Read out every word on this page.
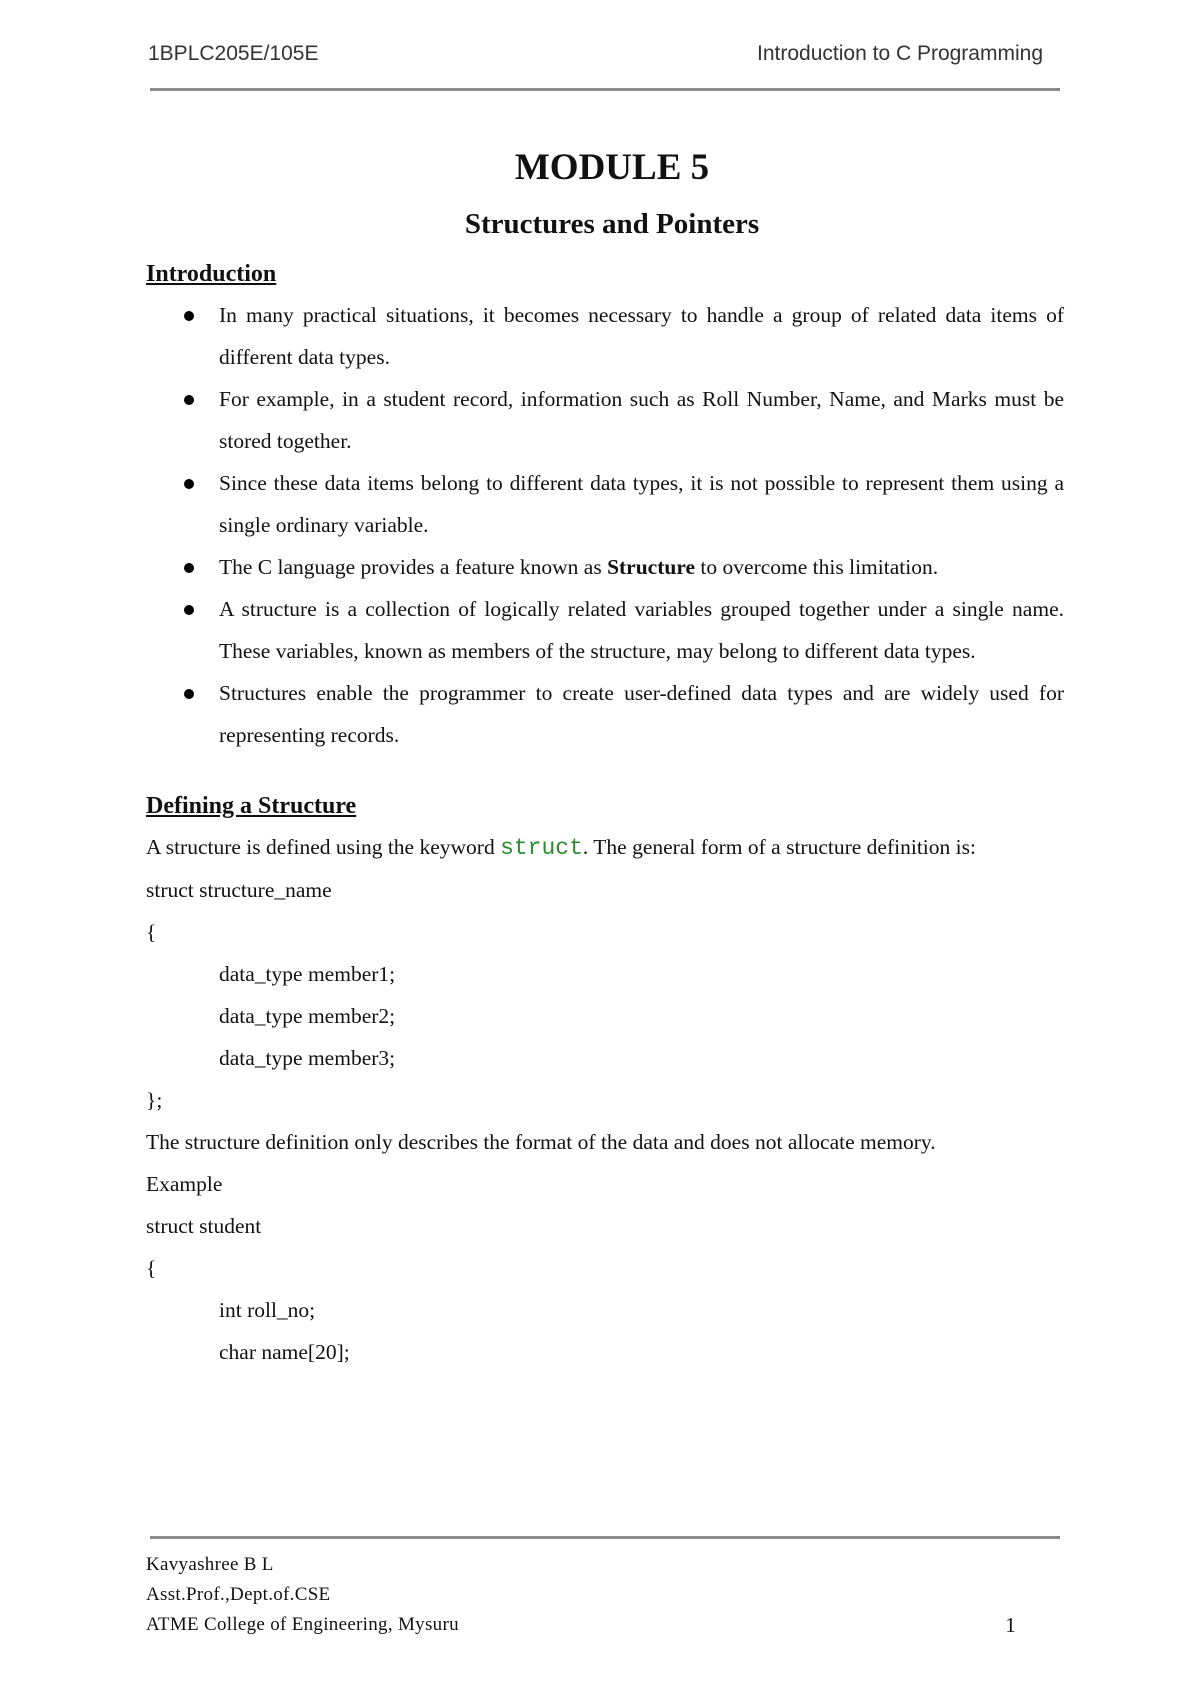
1BPLC205E/105E	Introduction to C Programming
MODULE 5
Structures and Pointers
Introduction
In many practical situations, it becomes necessary to handle a group of related data items of different data types.
For example, in a student record, information such as Roll Number, Name, and Marks must be stored together.
Since these data items belong to different data types, it is not possible to represent them using a single ordinary variable.
The C language provides a feature known as Structure to overcome this limitation.
A structure is a collection of logically related variables grouped together under a single name. These variables, known as members of the structure, may belong to different data types.
Structures enable the programmer to create user-defined data types and are widely used for representing records.
Defining a Structure

A structure is defined using the keyword struct. The general form of a structure definition is:

struct structure_name

{

data_type member1;

data_type member2;

data_type member3;

};

The structure definition only describes the format of the data and does not allocate memory.

Example

struct student

{

int roll_no;

char name[20];

Kavyashree B L
Asst.Prof.,Dept.of.CSE
ATME College of Engineering, Mysuru	1
